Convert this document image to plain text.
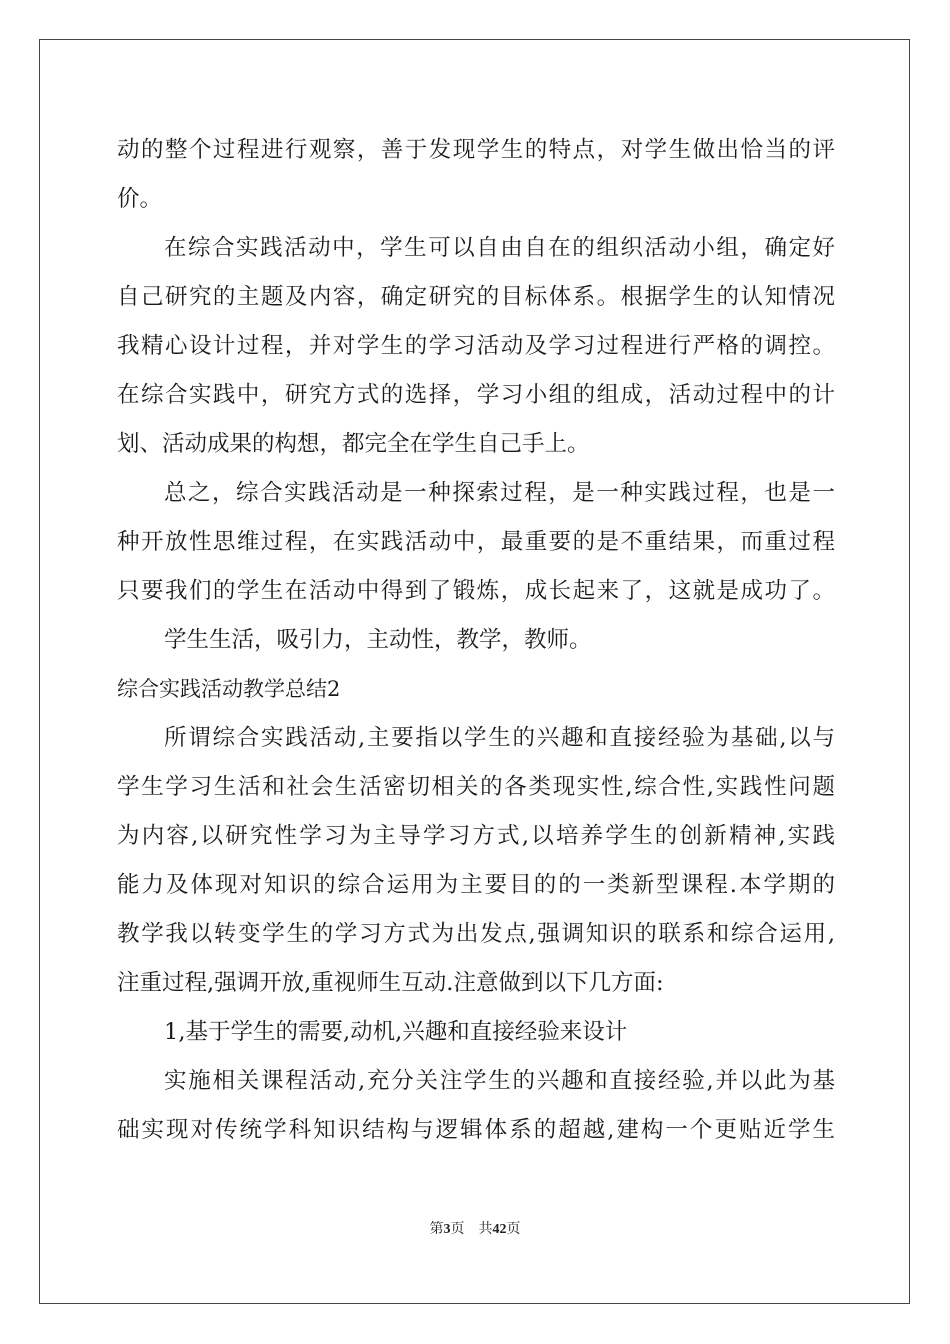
动的整个过程进行观察，善于发现学生的特点，对学生做出恰当的评
价。
在综合实践活动中，学生可以自由自在的组织活动小组，确定好
自己研究的主题及内容，确定研究的目标体系。根据学生的认知情况
我精心设计过程，并对学生的学习活动及学习过程进行严格的调控。
在综合实践中，研究方式的选择，学习小组的组成，活动过程中的计
划、活动成果的构想，都完全在学生自己手上。
总之，综合实践活动是一种探索过程，是一种实践过程，也是一
种开放性思维过程，在实践活动中，最重要的是不重结果，而重过程
只要我们的学生在活动中得到了锻炼，成长起来了，这就是成功了。
学生生活，吸引力，主动性，教学，教师。
综合实践活动教学总结2
所谓综合实践活动,主要指以学生的兴趣和直接经验为基础,以与
学生学习生活和社会生活密切相关的各类现实性,综合性,实践性问题
为内容,以研究性学习为主导学习方式,以培养学生的创新精神,实践
能力及体现对知识的综合运用为主要目的的一类新型课程.本学期的
教学我以转变学生的学习方式为出发点,强调知识的联系和综合运用,
注重过程,强调开放,重视师生互动.注意做到以下几方面:
1,基于学生的需要,动机,兴趣和直接经验来设计
实施相关课程活动,充分关注学生的兴趣和直接经验,并以此为基
础实现对传统学科知识结构与逻辑体系的超越,建构一个更贴近学生
第3页 共42页
